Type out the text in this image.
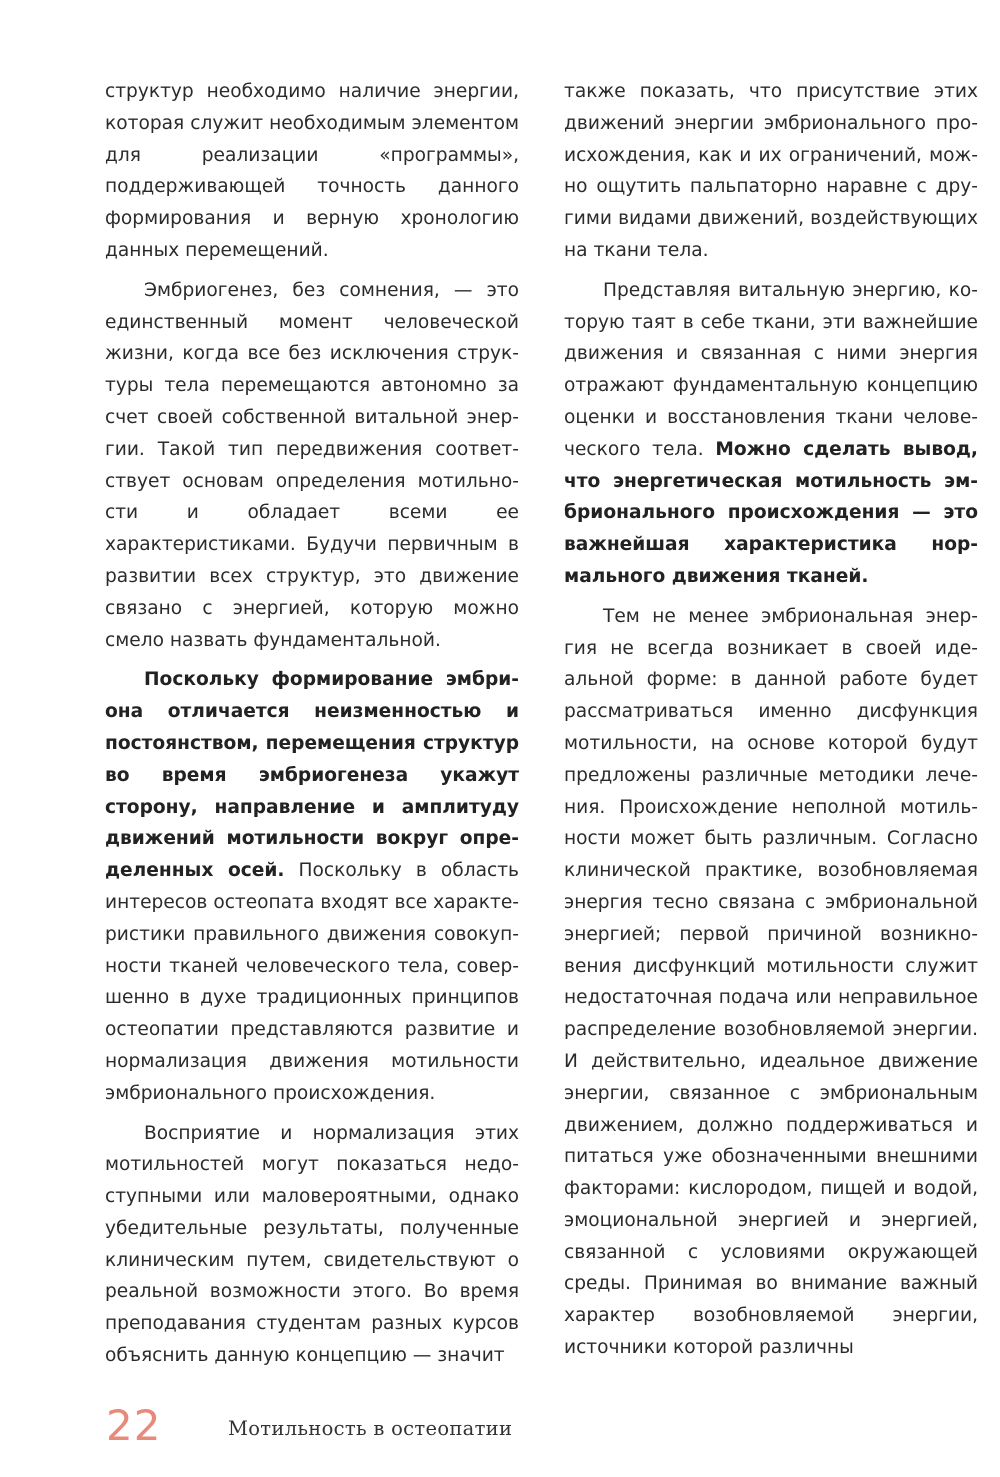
структур необходимо наличие энергии, которая служит необходимым элементом для реализации «программы», поддерживающей точность данного формирования и верную хронологию данных перемещений.

Эмбриогенез, без сомнения, — это единственный момент человеческой жизни, когда все без исключения структуры тела перемещаются автономно за счет своей собственной витальной энергии. Такой тип передвижения соответствует основам определения мотильности и обладает всеми ее характеристиками. Будучи первичным в развитии всех структур, это движение связано с энергией, которую можно смело назвать фундаментальной.

Поскольку формирование эмбриона отличается неизменностью и постоянством, перемещения структур во время эмбриогенеза укажут сторону, направление и амплитуду движений мотильности вокруг определенных осей. Поскольку в область интересов остеопата входят все характеристики правильного движения совокупности тканей человеческого тела, совершенно в духе традиционных принципов остеопатии представляются развитие и нормализация движения мотильности эмбрионального происхождения.

Восприятие и нормализация этих мотильностей могут показаться недоступными или маловероятными, однако убедительные результаты, полученные клиническим путем, свидетельствуют о реальной возможности этого. Во время преподавания студентам разных курсов объяснить данную концепцию — значит

также показать, что присутствие этих движений энергии эмбрионального происхождения, как и их ограничений, можно ощутить пальпаторно наравне с другими видами движений, воздействующих на ткани тела.

Представляя витальную энергию, которую таят в себе ткани, эти важнейшие движения и связанная с ними энергия отражают фундаментальную концепцию оценки и восстановления ткани человеческого тела. Можно сделать вывод, что энергетическая мотильность эмбрионального происхождения — это важнейшая характеристика нормального движения тканей.

Тем не менее эмбриональная энергия не всегда возникает в своей идеальной форме: в данной работе будет рассматриваться именно дисфункция мотильности, на основе которой будут предложены различные методики лечения. Происхождение неполной мотильности может быть различным. Согласно клинической практике, возобновляемая энергия тесно связана с эмбриональной энергией; первой причиной возникновения дисфункций мотильности служит недостаточная подача или неправильное распределение возобновляемой энергии. И действительно, идеальное движение энергии, связанное с эмбриональным движением, должно поддерживаться и питаться уже обозначенными внешними факторами: кислородом, пищей и водой, эмоциональной энергией и энергией, связанной с условиями окружающей среды. Принимая во внимание важный характер возобновляемой энергии, источники которой различны

22	Мотильность в остеопатии
